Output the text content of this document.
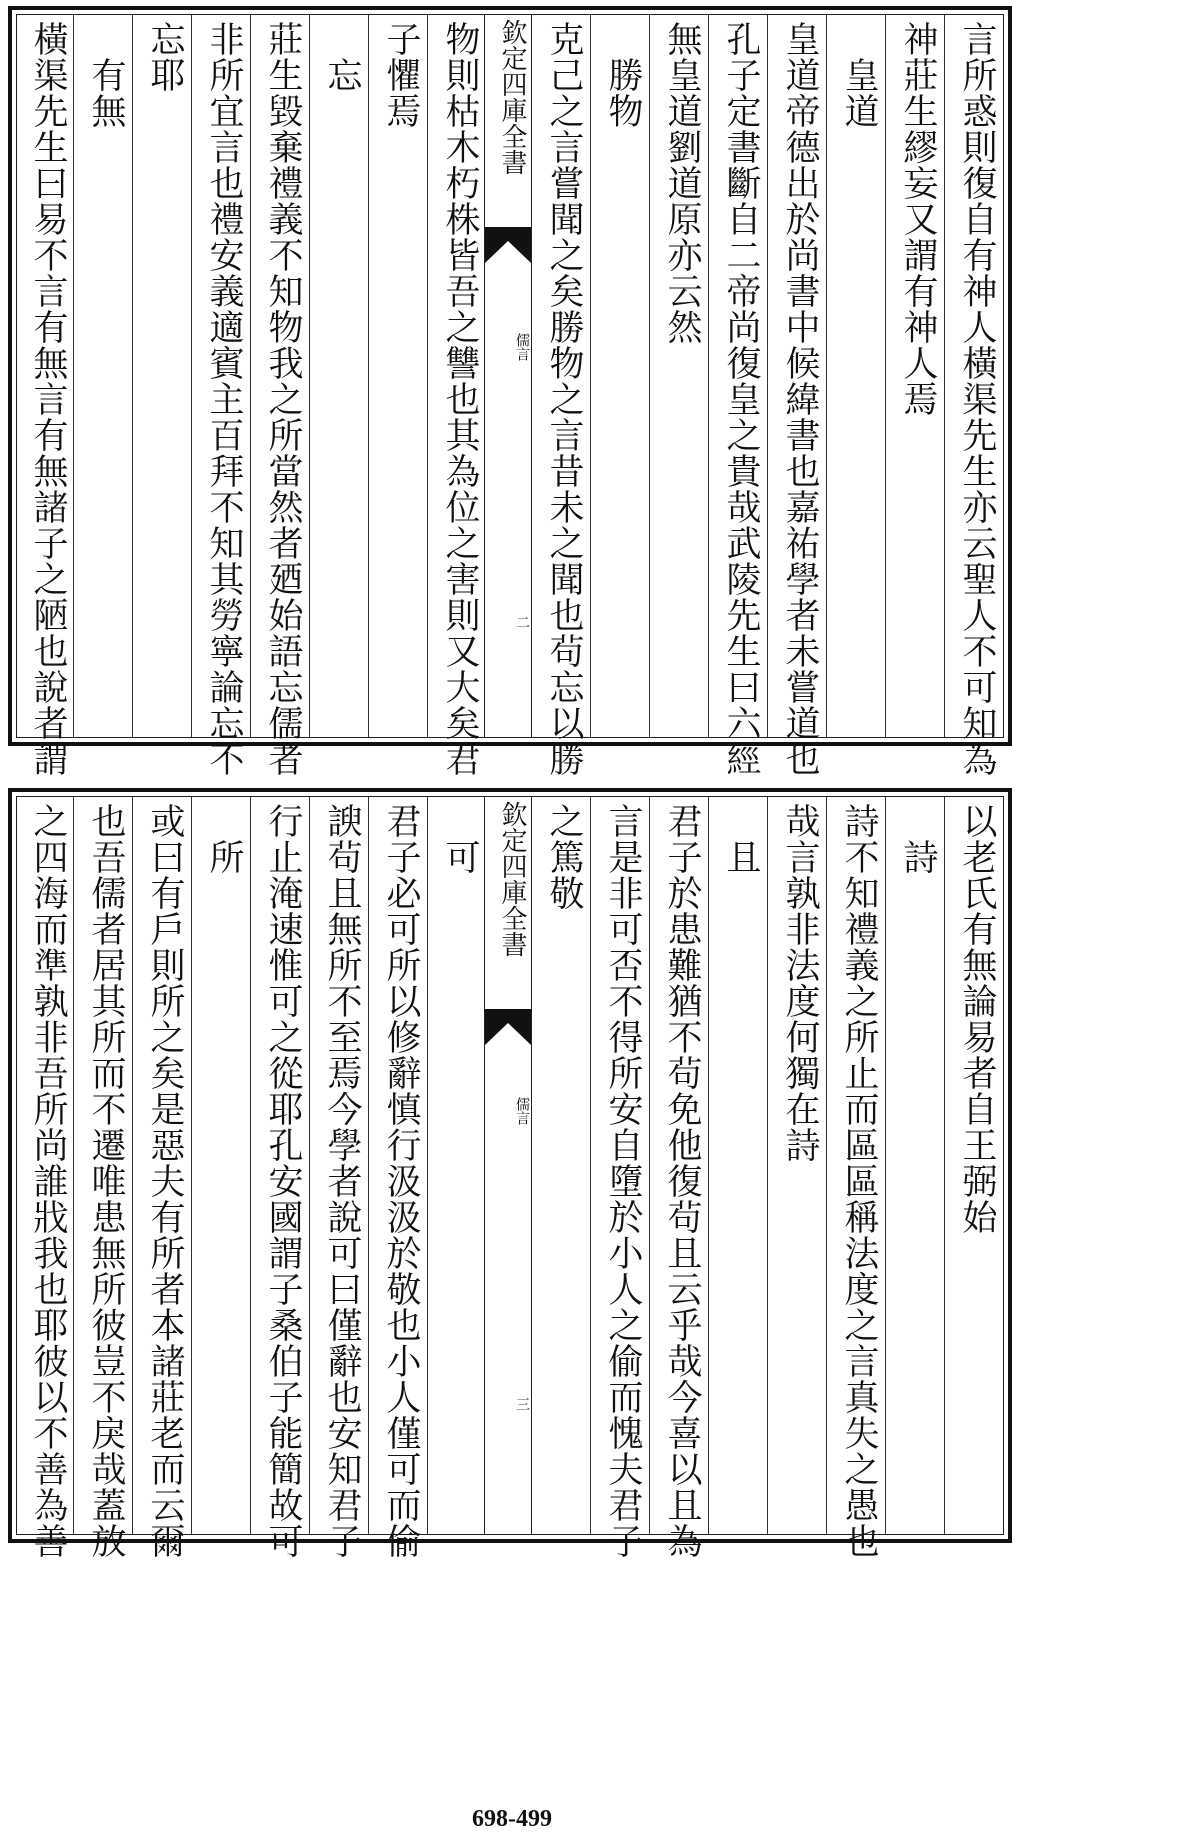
言所惑則復自有神人橫渠先生亦云聖人不可知為
神莊生繆妄又謂有神人焉
　皇道
皇道帝德出於尚書中候緯書也嘉祐學者未嘗道也
孔子定書斷自二帝尚復皇之貴哉武陵先生曰六經
無皇道劉道原亦云然
　勝物
克己之言嘗聞之矣勝物之言昔未之聞也茍忘以勝
欽定四庫全書
儒言
二
物則枯木朽株皆吾之讐也其為位之害則又大矣君
子懼焉
　忘
莊生毀棄禮義不知物我之所當然者廼始語忘儒者
非所宜言也禮安義適賓主百拜不知其勞寧論忘不
忘耶
　有無
橫渠先生曰易不言有無言有無諸子之陋也說者謂
以老氏有無論易者自王弼始
　詩
詩不知禮義之所止而區區稱法度之言真失之愚也
哉言孰非法度何獨在詩
　且
君子於患難猶不茍免他復茍且云乎哉今喜以且為
言是非可否不得所安自墮於小人之偷而愧夫君子
之篤敬
欽定四庫全書
儒言
三
　可
君子必可所以修辭慎行汲汲於敬也小人僅可而偷
諛茍且無所不至焉今學者說可曰僅辭也安知君子
行止淹速惟可之從耶孔安國謂子桑伯子能簡故可
　所
或曰有戶則所之矣是惡夫有所者本諸莊老而云爾
也吾儒者居其所而不遷唯患無所彼豈不戾哉蓋放
之四海而準孰非吾所尚誰戕我也耶彼以不善為善
698-499
